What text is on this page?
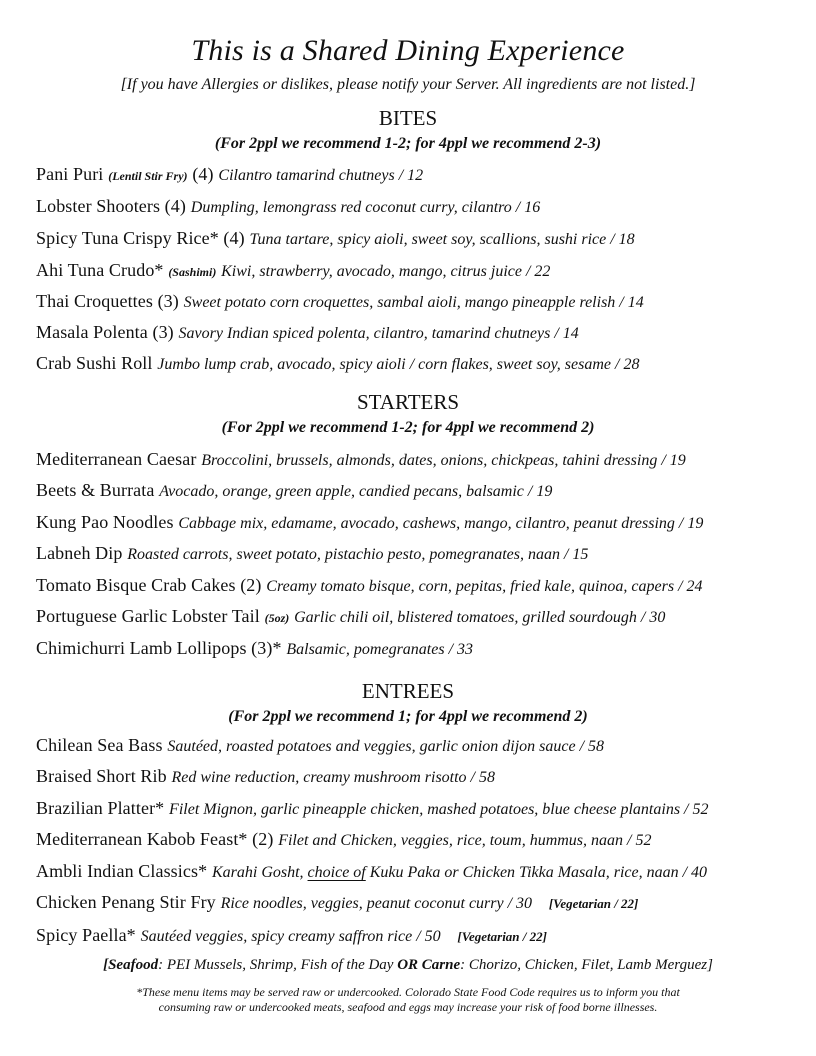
This is a Shared Dining Experience
[If you have Allergies or dislikes, please notify your Server. All ingredients are not listed.]
BITES
(For 2ppl we recommend 1-2; for 4ppl we recommend 2-3)
Pani Puri (Lentil Stir Fry) (4) Cilantro tamarind chutneys / 12
Lobster Shooters (4) Dumpling, lemongrass red coconut curry, cilantro / 16
Spicy Tuna Crispy Rice* (4) Tuna tartare, spicy aioli, sweet soy, scallions, sushi rice / 18
Ahi Tuna Crudo* (Sashimi) Kiwi, strawberry, avocado, mango, citrus juice / 22
Thai Croquettes (3) Sweet potato corn croquettes, sambal aioli, mango pineapple relish / 14
Masala Polenta (3) Savory Indian spiced polenta, cilantro, tamarind chutneys / 14
Crab Sushi Roll Jumbo lump crab, avocado, spicy aioli / corn flakes, sweet soy, sesame / 28
STARTERS
(For 2ppl we recommend 1-2; for 4ppl we recommend 2)
Mediterranean Caesar Broccolini, brussels, almonds, dates, onions, chickpeas, tahini dressing / 19
Beets & Burrata Avocado, orange, green apple, candied pecans, balsamic / 19
Kung Pao Noodles Cabbage mix, edamame, avocado, cashews, mango, cilantro, peanut dressing / 19
Labneh Dip Roasted carrots, sweet potato, pistachio pesto, pomegranates, naan / 15
Tomato Bisque Crab Cakes (2) Creamy tomato bisque, corn, pepitas, fried kale, quinoa, capers / 24
Portuguese Garlic Lobster Tail (5oz) Garlic chili oil, blistered tomatoes, grilled sourdough / 30
Chimichurri Lamb Lollipops (3)* Balsamic, pomegranates / 33
ENTREES
(For 2ppl we recommend 1; for 4ppl we recommend 2)
Chilean Sea Bass Sautéed, roasted potatoes and veggies, garlic onion dijon sauce / 58
Braised Short Rib Red wine reduction, creamy mushroom risotto / 58
Brazilian Platter* Filet Mignon, garlic pineapple chicken, mashed potatoes, blue cheese plantains / 52
Mediterranean Kabob Feast* (2) Filet and Chicken, veggies, rice, toum, hummus, naan / 52
Ambli Indian Classics* Karahi Gosht, choice of Kuku Paka or Chicken Tikka Masala, rice, naan / 40
Chicken Penang Stir Fry Rice noodles, veggies, peanut coconut curry / 30 [Vegetarian / 22]
Spicy Paella* Sautéed veggies, spicy creamy saffron rice / 50 [Vegetarian / 22]
[Seafood: PEI Mussels, Shrimp, Fish of the Day OR Carne: Chorizo, Chicken, Filet, Lamb Merguez]
*These menu items may be served raw or undercooked. Colorado State Food Code requires us to inform you that
consuming raw or undercooked meats, seafood and eggs may increase your risk of food borne illnesses.
